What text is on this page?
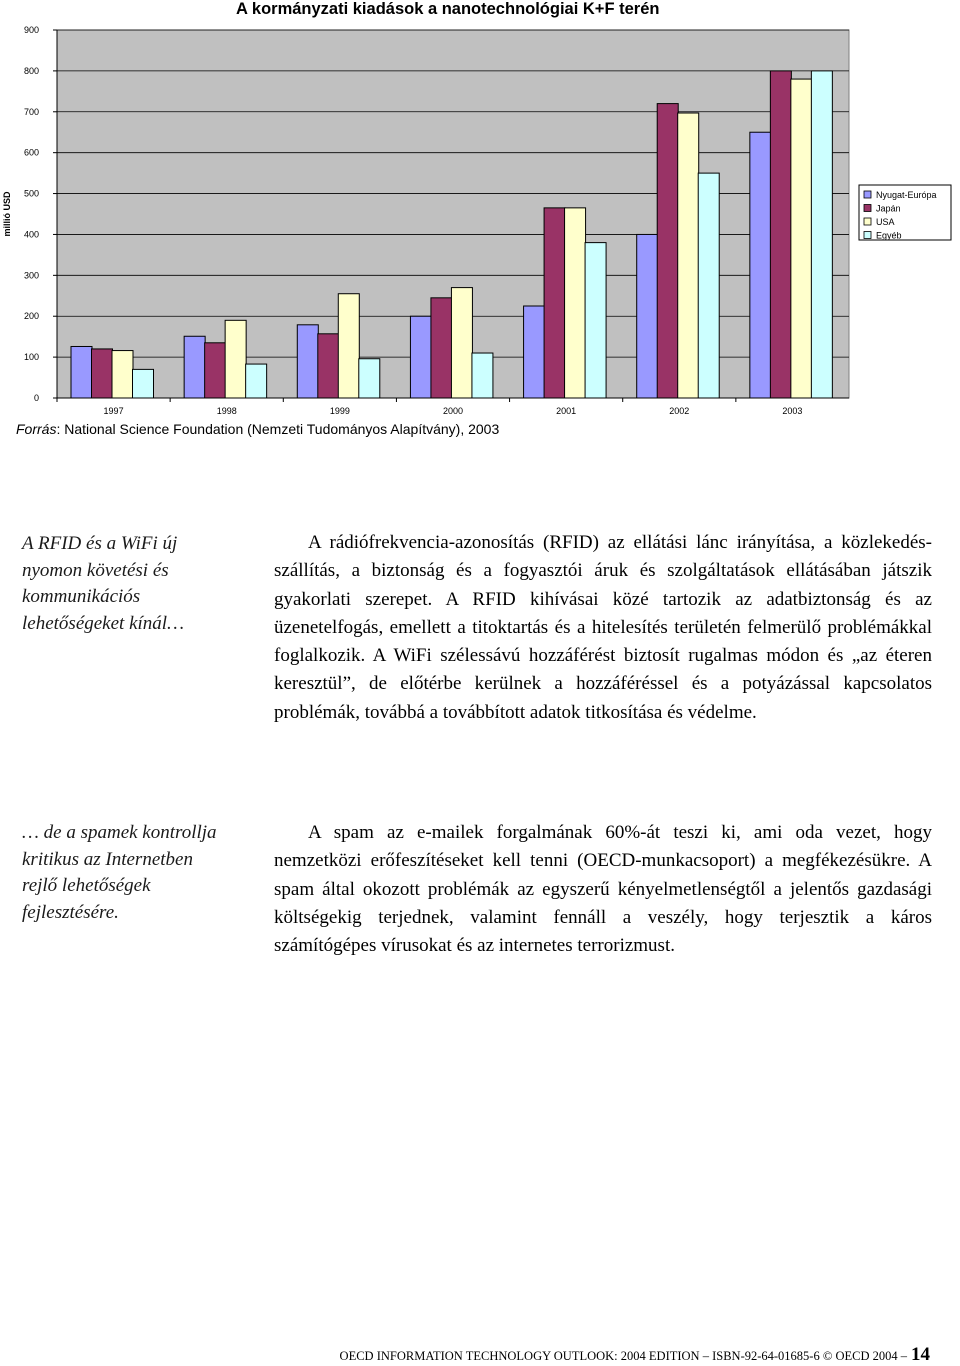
A kormányzati kiadások a nanotechnológiai K+F terén
0
100
200
300
400
500
600
700
800
900
millió USD
1997	1998	1999	2000	2001	2002	2003
Nyugat-Európa
Japán
USA
Egyéb
Forrás: National Science Foundation (Nemzeti Tudományos Alapítvány), 2003
A RFID és a WiFi új nyomon követési és kommunikációs lehetőségeket kínál…
… de a spamek kontrollja kritikus az Internetben rejlő lehetőségek fejlesztésére.

A rádiófrekvencia-azonosítás (RFID) az ellátási lánc irányítása, a közlekedés-szállítás, a biztonság és a fogyasztói áruk és szolgáltatások ellátásában játszik gyakorlati szerepet. A RFID kihívásai közé tartozik az adatbiztonság és az üzenetelfogás, emellett a titoktartás és a hitelesítés területén felmerülő problémákkal foglalkozik. A WiFi szélessávú hozzáférést biztosít rugalmas módon és „az éteren keresztül”, de előtérbe kerülnek a hozzáféréssel és a potyázással kapcsolatos problémák, továbbá a továbbított adatok titkosítása és védelme.

A spam az e-mailek forgalmának 60%-át teszi ki, ami oda vezet, hogy nemzetközi erőfeszítéseket kell tenni (OECD-munkacsoport) a megfékezésükre. A spam által okozott problémák az egyszerű kényelmetlenségtől a jelentős gazdasági költségekig terjednek, valamint fennáll a veszély, hogy terjesztik a káros számítógépes vírusokat és az internetes terrorizmust.

OECD INFORMATION TECHNOLOGY OUTLOOK: 2004 EDITION – ISBN-92-64-01685-6 © OECD 2004 – 14
